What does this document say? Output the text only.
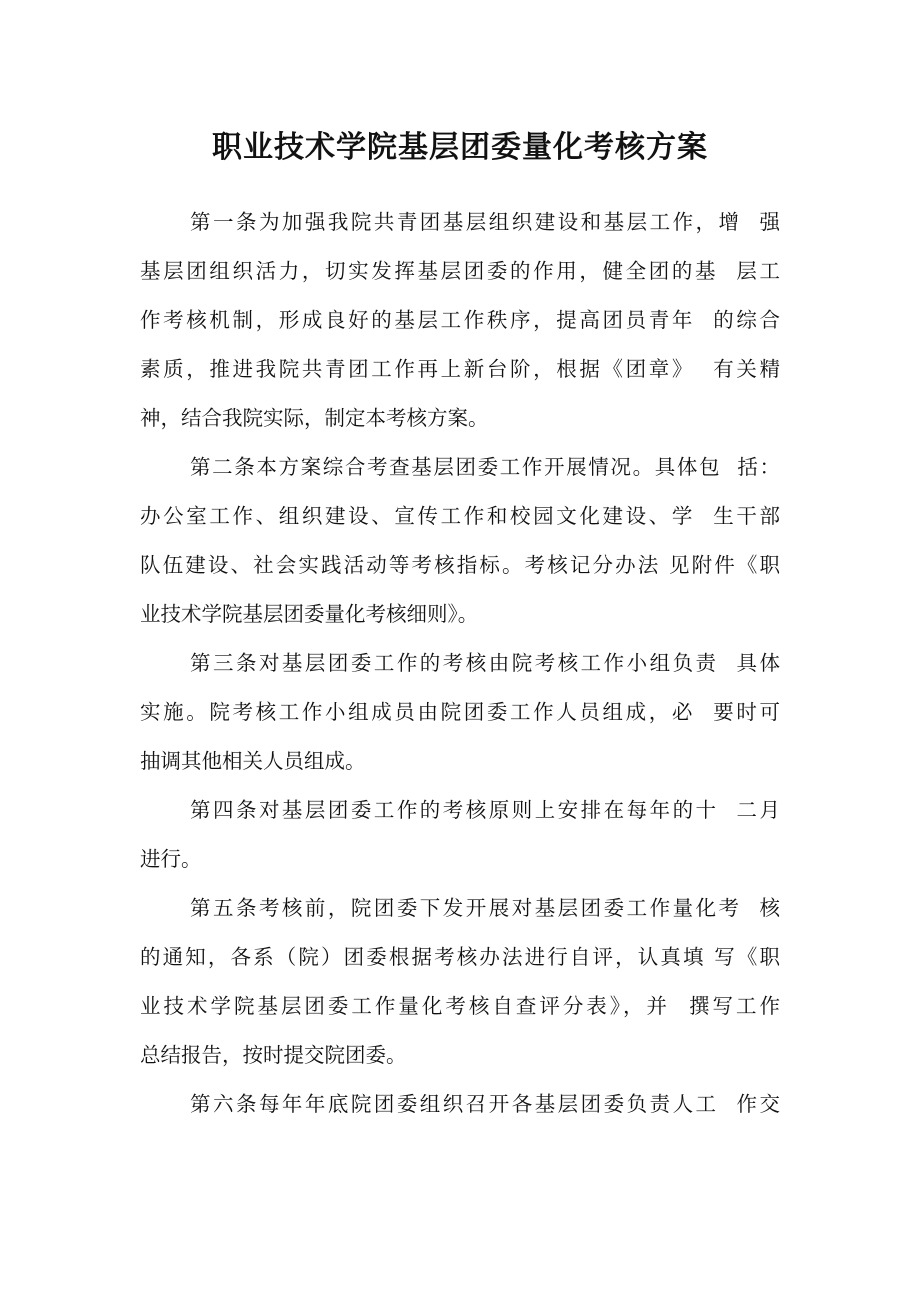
职业技术学院基层团委量化考核方案
第一条为加强我院共青团基层组织建设和基层工作，增  强
基层团组织活力，切实发挥基层团委的作用，健全团的基  层工
作考核机制，形成良好的基层工作秩序，提高团员青年  的综合
素质，推进我院共青团工作再上新台阶，根据《团章》  有关精
神，结合我院实际，制定本考核方案。
第二条本方案综合考查基层团委工作开展情况。具体包  括：
办公室工作、组织建设、宣传工作和校园文化建设、学  生干部
队伍建设、社会实践活动等考核指标。考核记分办法 见附件《职
业技术学院基层团委量化考核细则》。
第三条对基层团委工作的考核由院考核工作小组负责  具体
实施。院考核工作小组成员由院团委工作人员组成，必  要时可
抽调其他相关人员组成。
第四条对基层团委工作的考核原则上安排在每年的十  二月
进行。
第五条考核前，院团委下发开展对基层团委工作量化考  核
的通知，各系（院）团委根据考核办法进行自评，认真填 写《职
业技术学院基层团委工作量化考核自查评分表》，并  撰写工作
总结报告，按时提交院团委。
第六条每年年底院团委组织召开各基层团委负责人工  作交
